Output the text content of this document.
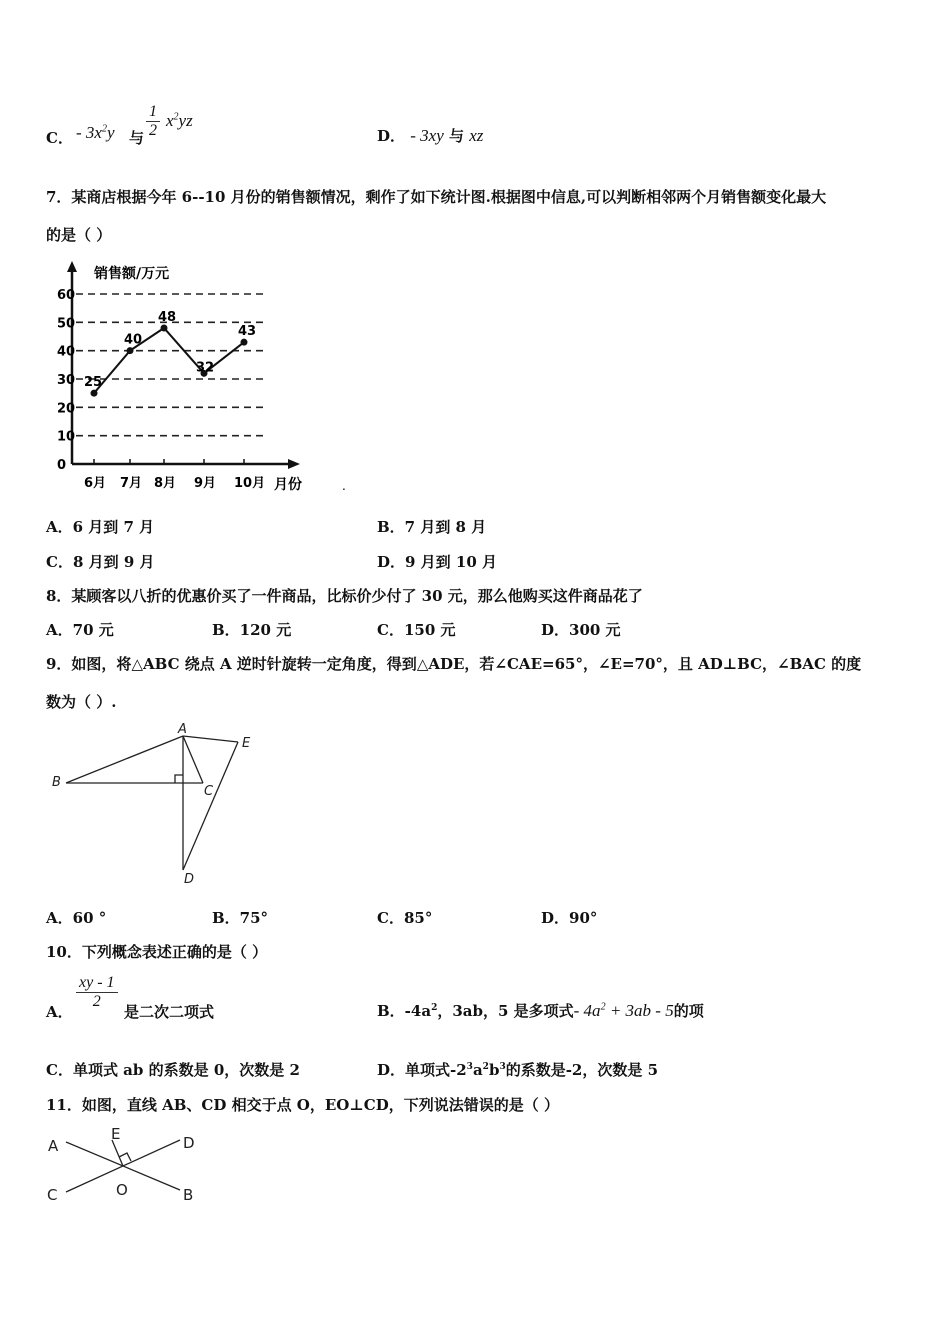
C． - $3x^2y$ 与 $\frac{1}{2} x^2yz$
D． - 3xy 与 xz
7．某商店根据今年 6--10 月份的销售额情况，剩作了如下统计图.根据图中信息,可以判断相邻两个月销售额变化最大
的是（ ）
销售额/万元
0
10
20
30
40
50
60
6月 7月 8月 9月 10月 月份
25
40
48
32
43
.
A．6 月到 7 月	B．7 月到 8 月
C．8 月到 9 月	D．9 月到 10 月
8．某顾客以八折的优惠价买了一件商品，比标价少付了 30 元，那么他购买这件商品花了
A．70 元	B．120 元	C．150 元	D．300 元
9．如图，将△ABC 绕点 A 逆时针旋转一定角度，得到△ADE，若∠CAE=65°，∠E=70°，且 AD⊥BC，∠BAC 的度
数为（ ）.
A
B
C
D
E
A．60 °	B．75°	C．85°	D．90°
10．下列概念表述正确的是（ ）
A．
$\frac{xy - 1}{2}$
是二次二项式	B．$-4a^2$，3ab，5 是多项式- $4a^2 + 3ab - 5$的项
C．单项式 ab 的系数是 0，次数是 2	D．单项式$-2^3a^2b^3$的系数是-2，次数是 5
11．如图，直线 AB、CD 相交于点 O，EO⊥CD，下列说法错误的是（ ）
A
B
C
D
E
O
